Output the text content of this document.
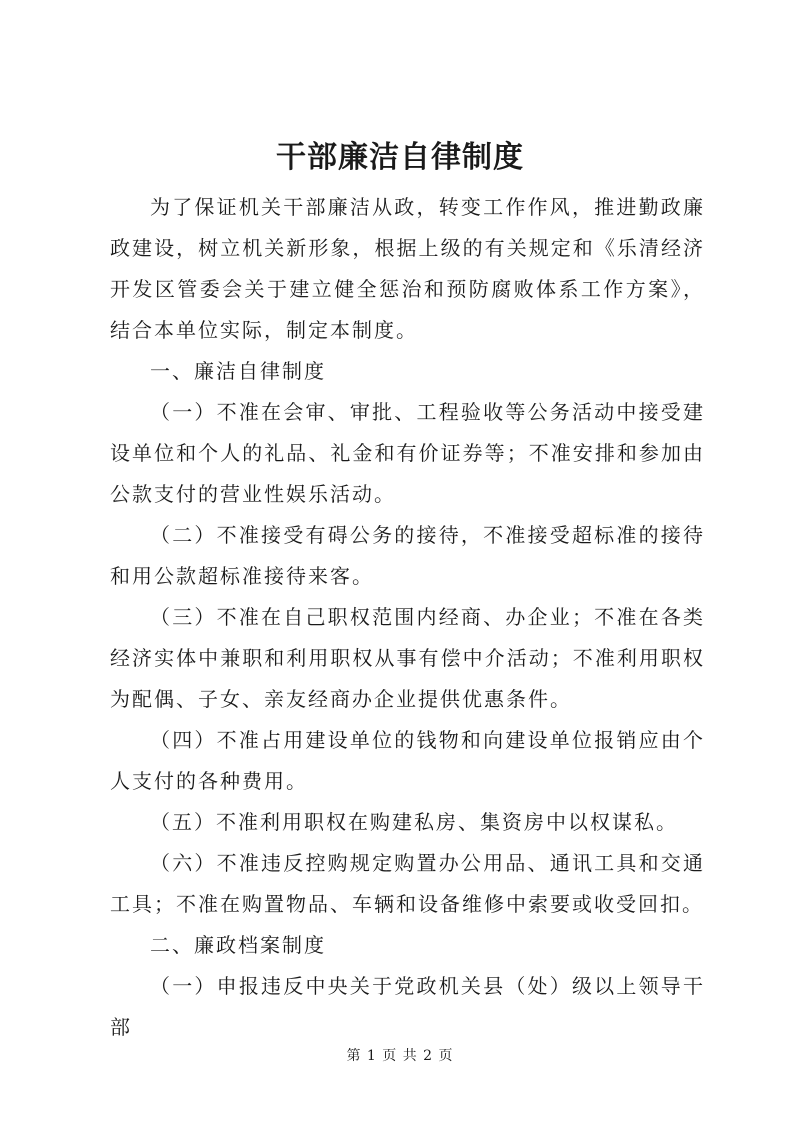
干部廉洁自律制度

为了保证机关干部廉洁从政，转变工作作风，推进勤政廉政建设，树立机关新形象，根据上级的有关规定和《乐清经济开发区管委会关于建立健全惩治和预防腐败体系工作方案》，结合本单位实际，制定本制度。

一、廉洁自律制度

（一）不准在会审、审批、工程验收等公务活动中接受建设单位和个人的礼品、礼金和有价证券等；不准安排和参加由公款支付的营业性娱乐活动。

（二）不准接受有碍公务的接待，不准接受超标准的接待和用公款超标准接待来客。

（三）不准在自己职权范围内经商、办企业；不准在各类经济实体中兼职和利用职权从事有偿中介活动；不准利用职权为配偶、子女、亲友经商办企业提供优惠条件。

（四）不准占用建设单位的钱物和向建设单位报销应由个人支付的各种费用。

（五）不准利用职权在购建私房、集资房中以权谋私。

（六）不准违反控购规定购置办公用品、通讯工具和交通工具；不准在购置物品、车辆和设备维修中索要或收受回扣。

二、廉政档案制度

（一）申报违反中央关于党政机关县（处）级以上领导干部

第 1 页 共 2 页
